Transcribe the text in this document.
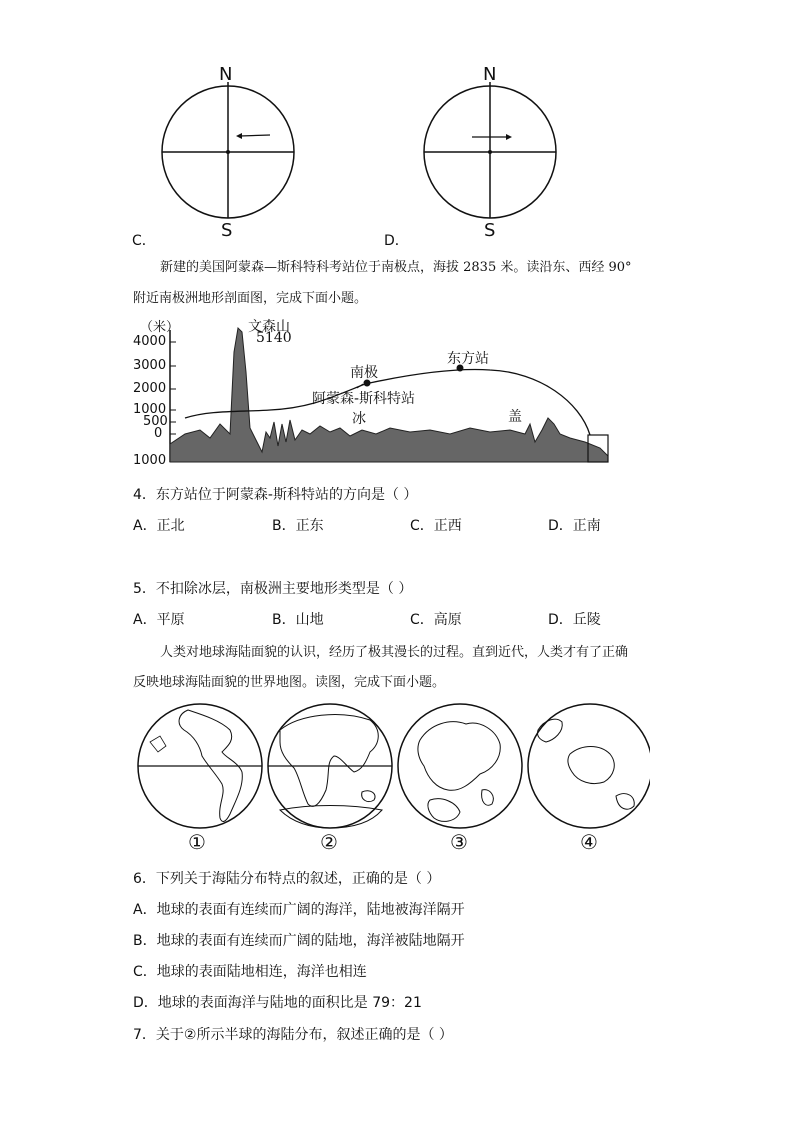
N
S
C．
N
S
D．
新建的美国阿蒙森—斯科特科考站位于南极点，海拔 2835 米。读沿东、西经 90°
附近南极洲地形剖面图，完成下面小题。
（米）
4000
3000
2000
1000
500
0
1000
文森山
5140
南极
东方站
阿蒙森-斯科特站
冰	盖
4．东方站位于阿蒙森-斯科特站的方向是（ ）
A．正北	B．正东	C．正西	D．正南
5．不扣除冰层，南极洲主要地形类型是（ ）
A．平原	B．山地	C．高原	D．丘陵
人类对地球海陆面貌的认识，经历了极其漫长的过程。直到近代，人类才有了正确
反映地球海陆面貌的世界地图。读图，完成下面小题。
①	②	③	④
6．下列关于海陆分布特点的叙述，正确的是（ ）
A．地球的表面有连续而广阔的海洋，陆地被海洋隔开
B．地球的表面有连续而广阔的陆地，海洋被陆地隔开
C．地球的表面陆地相连，海洋也相连
D．地球的表面海洋与陆地的面积比是 79：21
7．关于②所示半球的海陆分布，叙述正确的是（ ）
